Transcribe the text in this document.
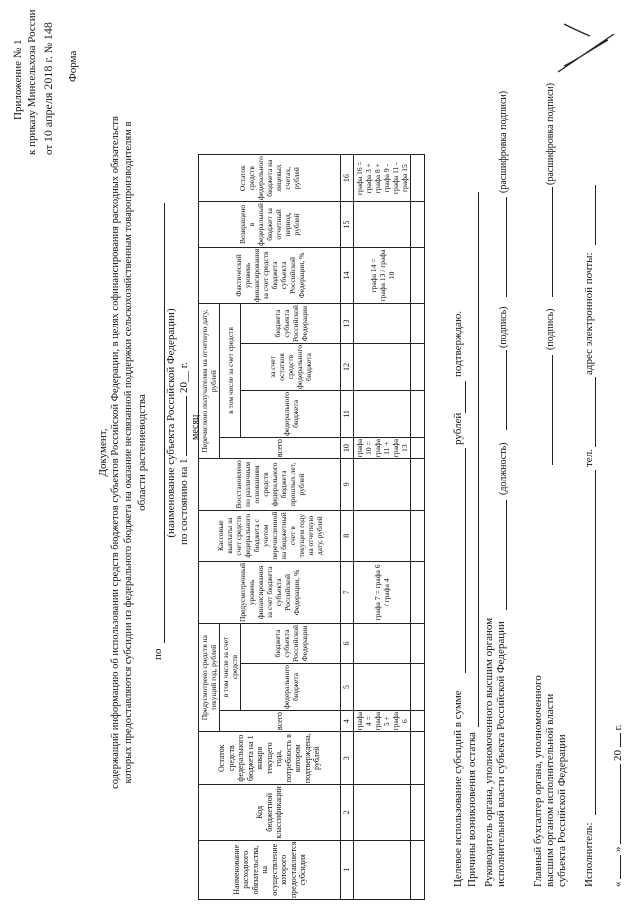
Приложение № 1 к приказу Минсельхоза России от 10 апреля 2018 г. № 148
Форма
Документ, содержащий информацию об использовании средств бюджетов субъектов Российской Федерации, в целях софинансирования расходных обязательств которых предоставляются субсидии из федерального бюджета на оказание несвязанной поддержки сельскохозяйственным товаропроизводителям в области растениеводства
по
(наименование субъекта Российской Федерации) по состоянию на 1  20__ г.
месяц
Наименование расходного обязательства, на осуществление которого предоставляется субсидия	Код бюджетной классификации	Остаток средств федерального бюджета на 1 января текущего года, потребность в котором подтверждена, рублей	Предусмотрено средств на текущий год, рублей			Предусмотренный уровень финансирования за счет бюджета субъекта Российской Федерации, %	Кассовые выплаты за счет средств федерального бюджета с учетом перечисленной на бюджетный счет в текущем году на отчетную дату, рублей	Восстановлено по различным основаниям средств федерального бюджета прошлых лет, рублей	Перечислено получателям на отчетную дату, рублей				Фактический уровень финансирования за счет средств бюджета субъекта Российской Федерации, %	Возвращено в федеральный бюджет за отчетный период, рублей	Остаток средств федерального бюджета на лицевых счетах, рублей
			всего	в том числе за счет средств					всего	в том числе за счет средств					
				федерального бюджета	бюджета субъекта Российской Федерации					федерального бюджета	за счет остатков средств федерального бюджета	бюджета субъекта Российской Федерации			
1	2	3	4	5	6	7	8	9	10	11	12	13	14	15	16
			графа 4 = графа 5 + графа 6			графа 7 = графа 6 / графа 4			графа 10 = графа 11 + графа 13				графа 14 = графа 13 / графа 10		графа 16 = графа 3 + графа 8 + графа 9 - графа 11 - графа 15

Целевое использование субсидий в сумме
рублей
подтверждаю.
Причины возникновения остатка Руководитель органа, уполномоченного высшим органом исполнительной власти субъекта Российской Федерации
(должность)
(подпись)
(расшифровка подписи)
Главный бухгалтер органа, уполномоченного высшим органом исполнительной власти субъекта Российской Федерации
(подпись)
(расшифровка подписи)
Исполнитель:
тел.
адрес электронной почты:
«  »  20  г.
